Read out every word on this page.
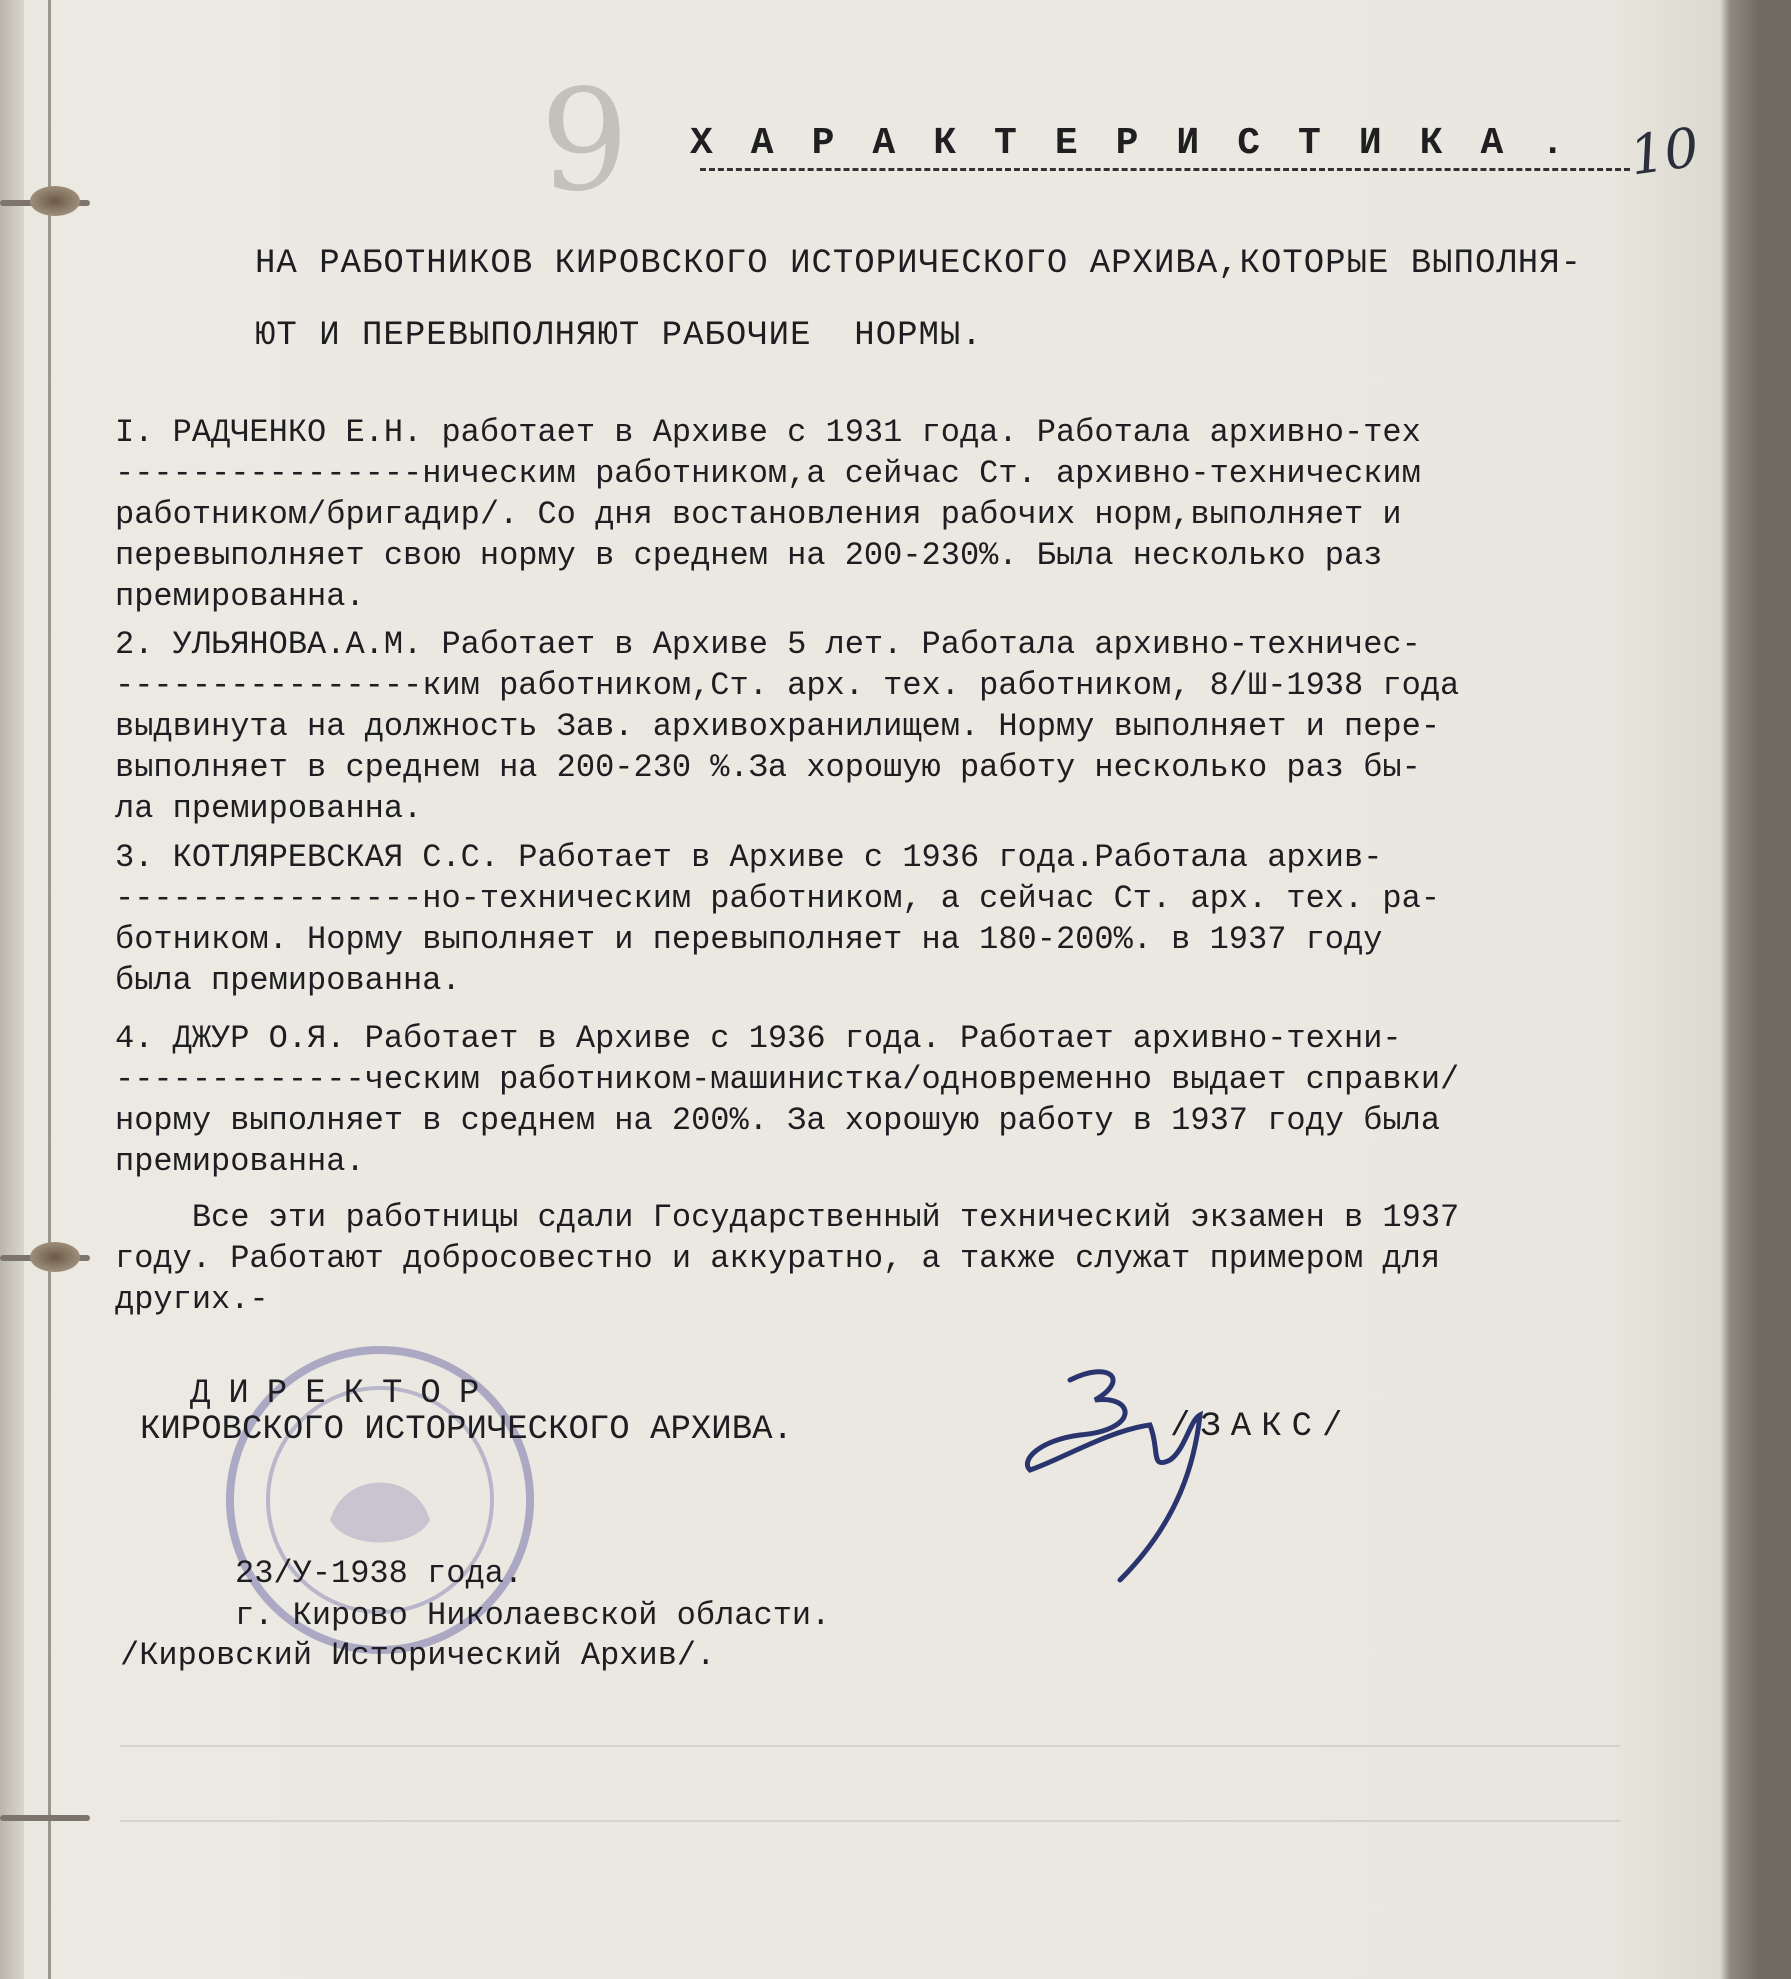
9	10
ХАРАКТЕРИСТИКА.
НА РАБОТНИКОВ КИРОВСКОГО ИСТОРИЧЕСКОГО АРХИВА,КОТОРЫЕ ВЫПОЛНЯ-
ЮТ И ПЕРЕВЫПОЛНЯЮТ РАБОЧИЕ  НОРМЫ.
I. РАДЧЕНКО Е.Н. работает в Архиве с 1931 года. Работала архивно-тех
----------------ническим работником,а сейчас Ст. архивно-техническим
работником/бригадир/. Со дня востановления рабочих норм,выполняет и
перевыполняет свою норму в среднем на 200-230%. Была несколько раз
премированна.
2. УЛЬЯНОВА.А.М. Работает в Архиве 5 лет. Работала архивно-техничес-
----------------ким работником,Ст. арх. тех. работником, 8/Ш-1938 года
выдвинута на должность Зав. архивохранилищем. Норму выполняет и пере-
выполняет в среднем на 200-230 %.За хорошую работу несколько раз бы-
ла премированна.
3. КОТЛЯРЕВСКАЯ С.С. Работает в Архиве с 1936 года.Работала архив-
----------------но-техническим работником, а сейчас Ст. арх. тех. ра-
ботником. Норму выполняет и перевыполняет на 180-200%. в 1937 году
была премированна.
4. ДЖУР О.Я. Работает в Архиве с 1936 года. Работает архивно-техни-
-------------ческим работником-машинистка/одновременно выдает справки/
норму выполняет в среднем на 200%. За хорошую работу в 1937 году была
премированна.
Все эти работницы сдали Государственный технический экзамен в 1937
году. Работают добросовестно и аккуратно, а также служат примером для
других.-
ДИРЕКТОР
КИРОВСКОГО ИСТОРИЧЕСКОГО АРХИВА.	/ЗАКС/
23/У-1938 года.
г. Кирово Николаевской области.
/Кировский Исторический Архив/.
